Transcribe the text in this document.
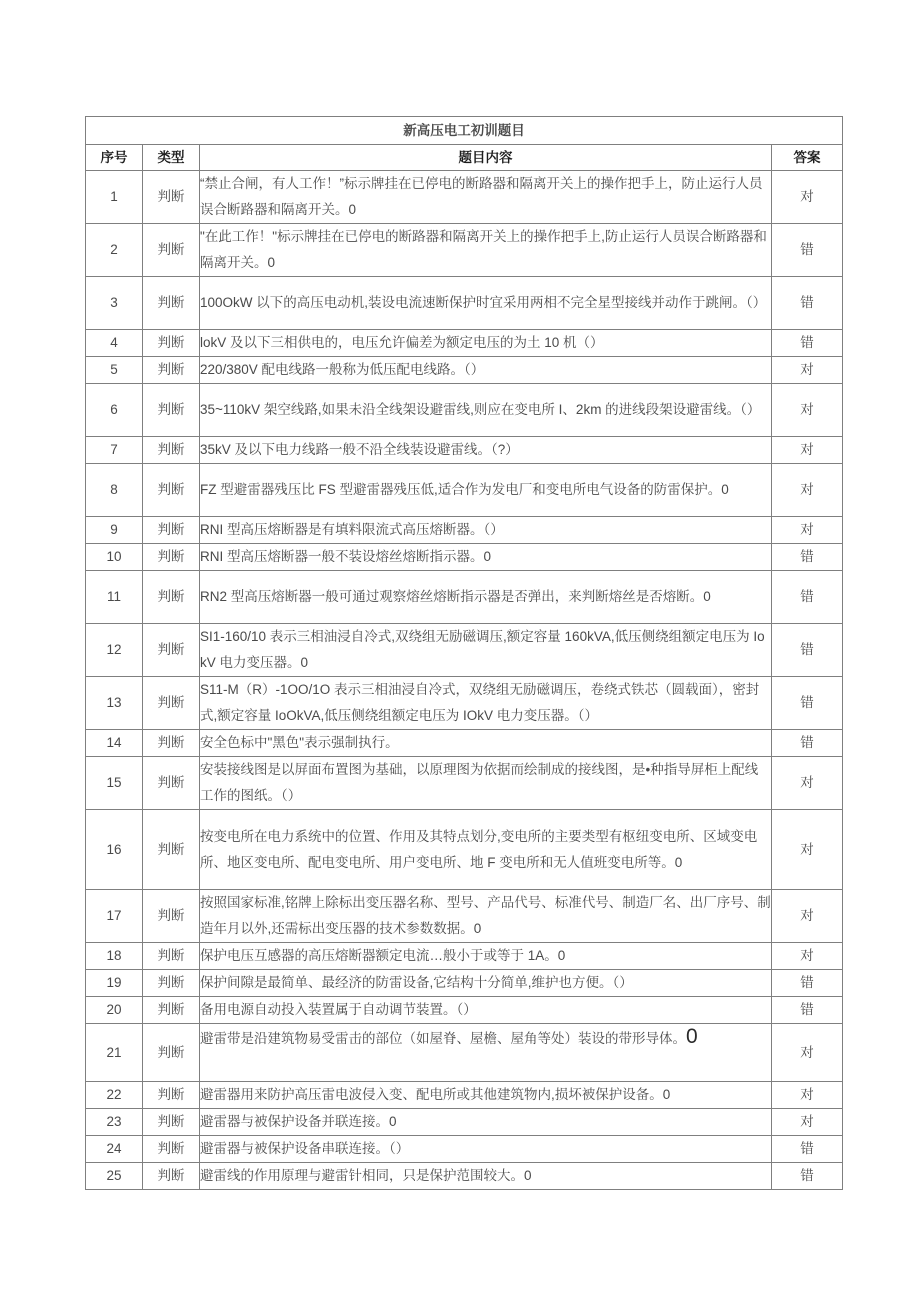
新高压电工初训题目			
序号	类型	题目内容	答案
1	判断	“禁止合闸，有人工作！”标示牌挂在已停电的断路器和隔离开关上的操作把手上，防止运行人员误合断路器和隔离开关。0	对
2	判断	"在此工作！"标示牌挂在已停电的断路器和隔离开关上的操作把手上,防止运行人员误合断路器和隔离开关。0	错
3	判断	100OkW 以下的高压电动机,装设电流速断保护时宜采用两相不完全星型接线并动作于跳闸。（）	错
4	判断	lokV 及以下三相供电的，电压允许偏差为额定电压的为土 10 机（）	错
5	判断	220/380V 配电线路一般称为低压配电线路。（）	对
6	判断	35~110kV 架空线路,如果未沿全线架设避雷线,则应在变电所 I、2km 的进线段架设避雷线。（）	对
7	判断	35kV 及以下电力线路一般不沿全线装设避雷线。（?）	对
8	判断	FZ 型避雷器残压比 FS 型避雷器残压低,适合作为发电厂和变电所电气设备的防雷保护。0	对
9	判断	RNI 型高压熔断器是有填料限流式高压熔断器。（）	对
10	判断	RNI 型高压熔断器一般不装设熔丝熔断指示器。0	错
11	判断	RN2 型高压熔断器一般可通过观察熔丝熔断指示器是否弹出，来判断熔丝是否熔断。0	错
12	判断	SI1-160/10 表示三相油浸自冷式,双绕组无励磁调压,额定容量 160kVA,低压侧绕组额定电压为 IokV 电力变压器。0	错
13	判断	S11-M（R）-1OO/1O 表示三相油浸自冷式，双绕组无励磁调压，卷绕式铁芯（圆载面），密封式,额定容量 IoOkVA,低压侧绕组额定电压为 IOkV 电力变压器。（）	错
14	判断	安全色标中"黑色"表示强制执行。	错
15	判断	安装接线图是以屏面布置图为基础，以原理图为依据而绘制成的接线图，是•种指导屏柜上配线工作的图纸。（）	对
16	判断	按变电所在电力系统中的位置、作用及其特点划分,变电所的主要类型有枢纽变电所、区域变电所、地区变电所、配电变电所、用户变电所、地 F 变电所和无人值班变电所等。0	对
17	判断	按照国家标准,铭牌上除标出变压器名称、型号、产品代号、标准代号、制造厂名、出厂序号、制造年月以外,还需标出变压器的技术参数数据。0	对
18	判断	保护电压互感器的高压熔断器额定电流…般小于或等于 1A。0	对
19	判断	保护间隙是最简单、最经济的防雷设备,它结构十分简单,维护也方便。（）	错
20	判断	备用电源自动投入装置属于自动调节装置。（）	错
21	判断	避雷带是沿建筑物易受雷击的部位（如屋脊、屋檐、屋角等处）装设的带形导体。0	对
22	判断	避雷器用来防护高压雷电波侵入变、配电所或其他建筑物内,损坏被保护设备。0	对
23	判断	避雷器与被保护设备并联连接。0	对
24	判断	避雷器与被保护设备串联连接。（）	错
25	判断	避雷线的作用原理与避雷针相同，只是保护范围较大。0	错
